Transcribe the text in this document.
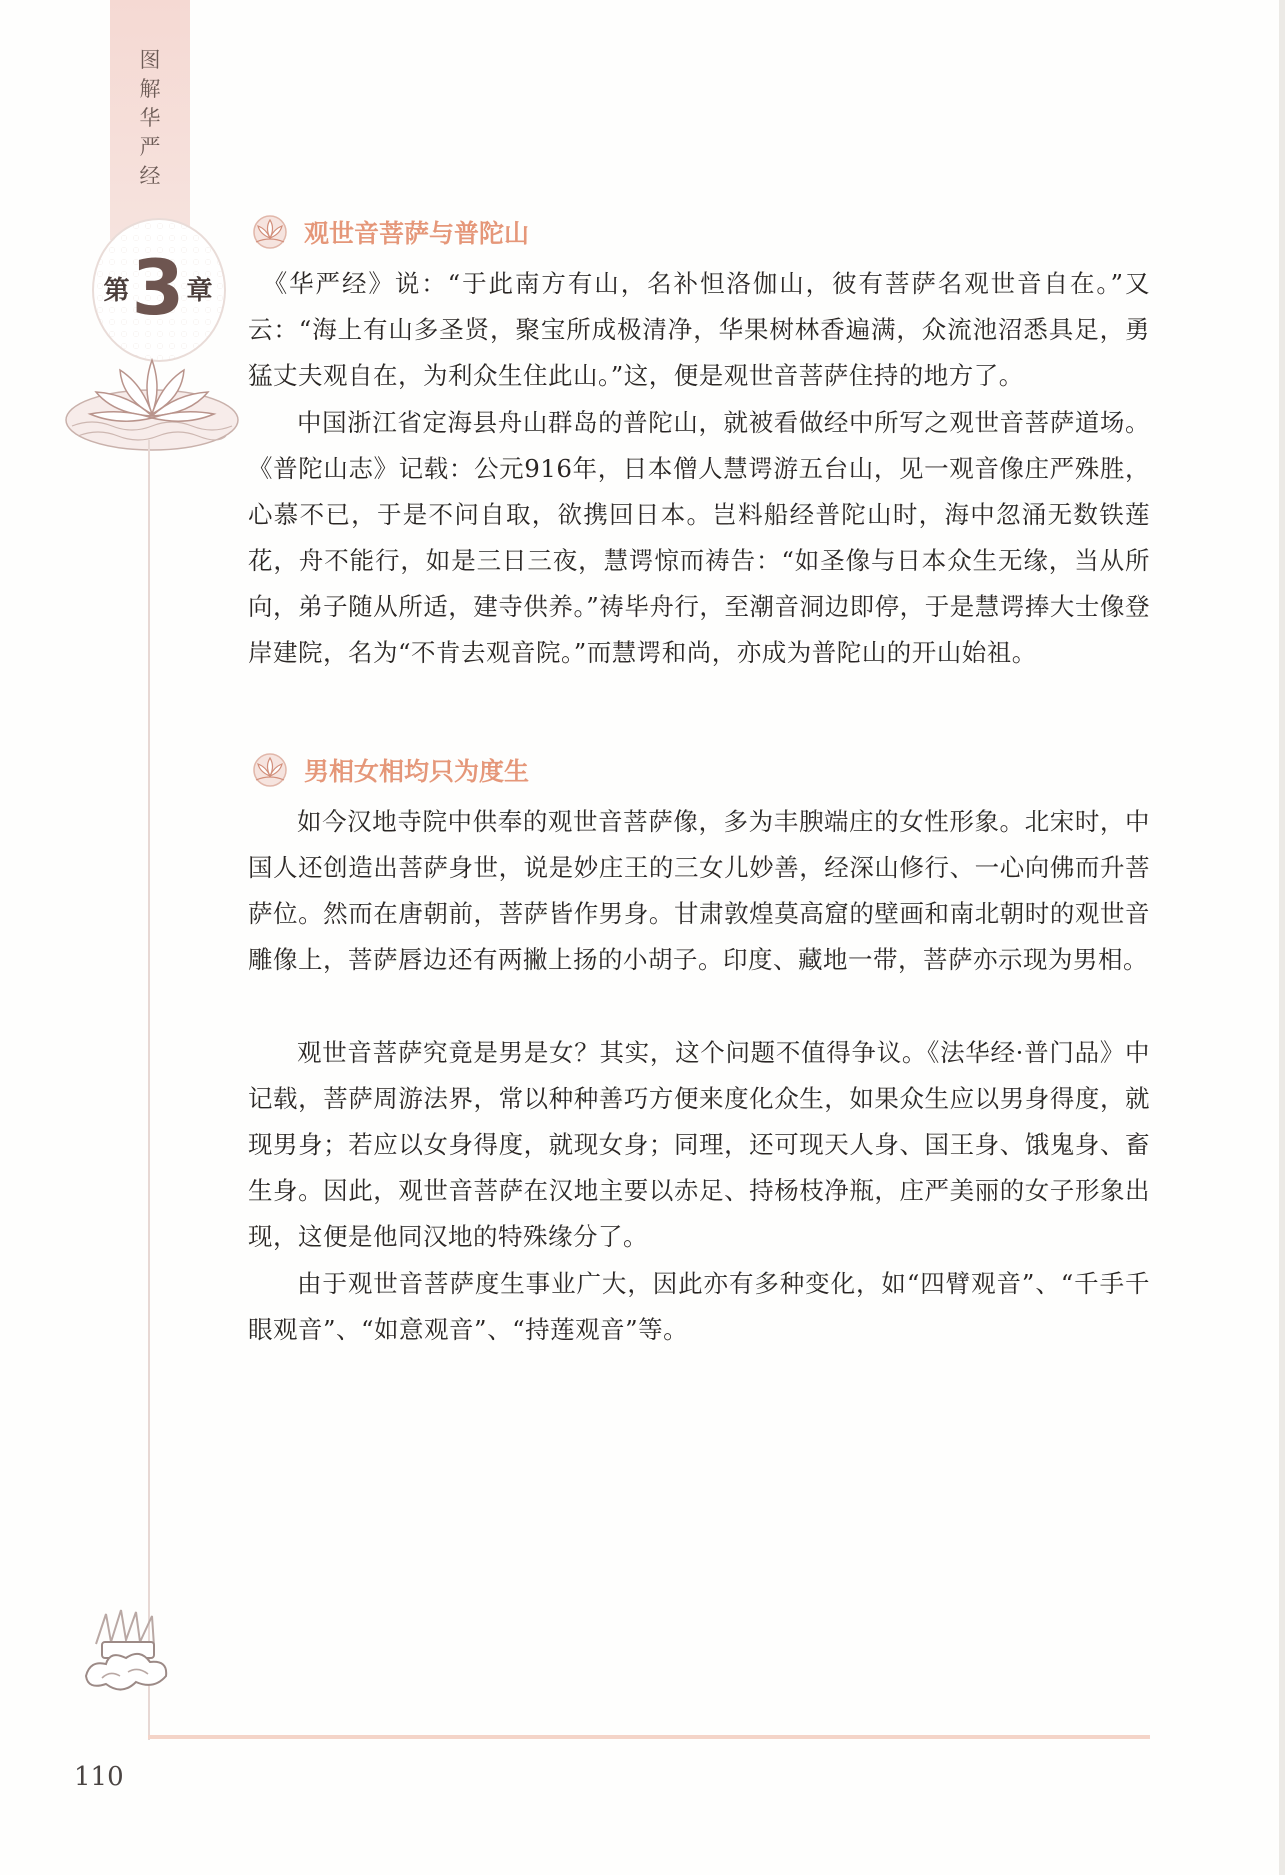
图
解
华
严
经
第 3 章
观世音菩萨与普陀山

《华严经》说：“于此南方有山，名补怛洛伽山，彼有菩萨名观世音自在。”又云：“海上有山多圣贤，聚宝所成极清净，华果树林香遍满，众流池沼悉具足，勇猛丈夫观自在，为利众生住此山。”这，便是观世音菩萨住持的地方了。

中国浙江省定海县舟山群岛的普陀山，就被看做经中所写之观世音菩萨道场。《普陀山志》记载：公元916年，日本僧人慧谔游五台山，见一观音像庄严殊胜，心慕不已，于是不问自取，欲携回日本。岂料船经普陀山时，海中忽涌无数铁莲花，舟不能行，如是三日三夜，慧谔惊而祷告：“如圣像与日本众生无缘，当从所向，弟子随从所适，建寺供养。”祷毕舟行，至潮音洞边即停，于是慧谔捧大士像登岸建院，名为“不肯去观音院。”而慧谔和尚，亦成为普陀山的开山始祖。

男相女相均只为度生

如今汉地寺院中供奉的观世音菩萨像，多为丰腴端庄的女性形象。北宋时，中国人还创造出菩萨身世，说是妙庄王的三女儿妙善，经深山修行、一心向佛而升菩萨位。然而在唐朝前，菩萨皆作男身。甘肃敦煌莫高窟的壁画和南北朝时的观世音雕像上，菩萨唇边还有两撇上扬的小胡子。印度、藏地一带，菩萨亦示现为男相。

观世音菩萨究竟是男是女？其实，这个问题不值得争议。《法华经·普门品》中记载，菩萨周游法界，常以种种善巧方便来度化众生，如果众生应以男身得度，就现男身；若应以女身得度，就现女身；同理，还可现天人身、国王身、饿鬼身、畜生身。因此，观世音菩萨在汉地主要以赤足、持杨枝净瓶，庄严美丽的女子形象出现，这便是他同汉地的特殊缘分了。

由于观世音菩萨度生事业广大，因此亦有多种变化，如“四臂观音”、“千手千眼观音”、“如意观音”、“持莲观音”等。

110
